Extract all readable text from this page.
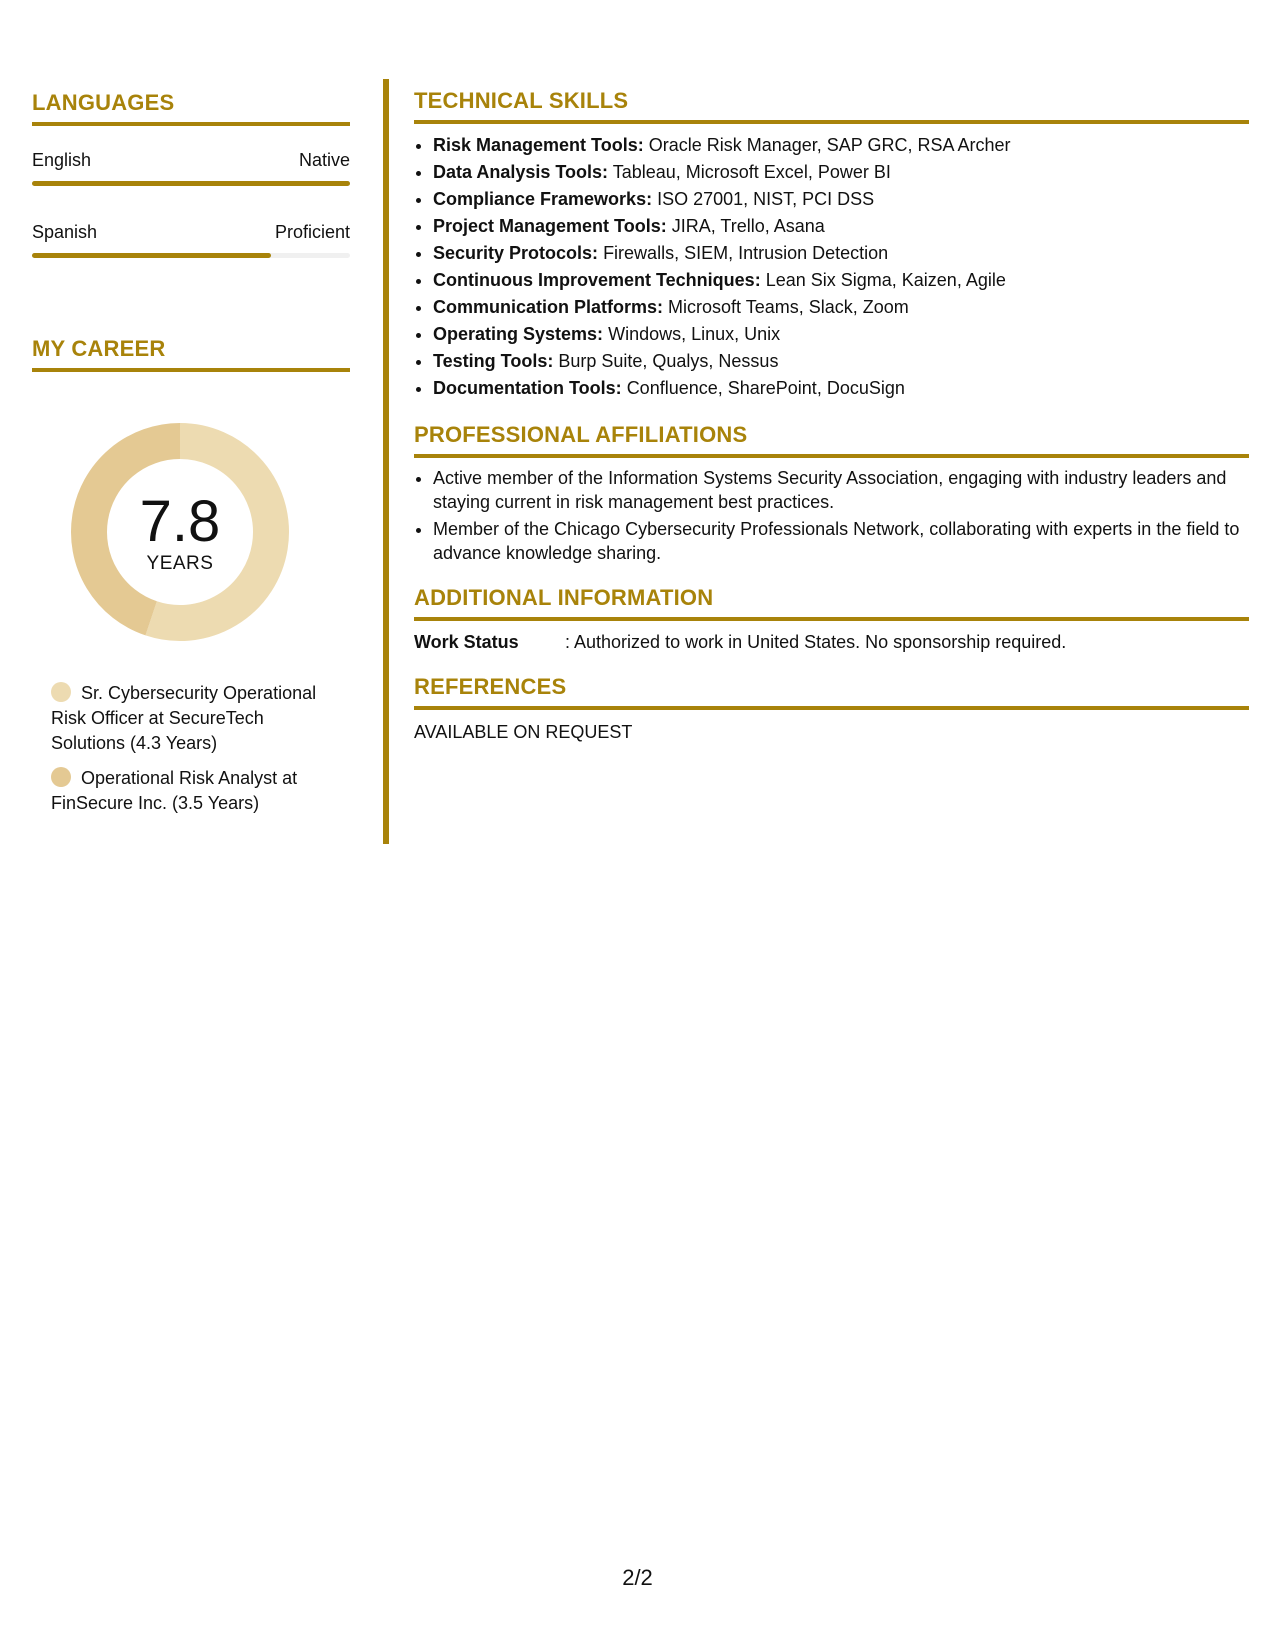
LANGUAGES
English	Native
Spanish	Proficient
MY CAREER
7.8
YEARS
Sr. Cybersecurity Operational Risk Officer at SecureTech Solutions (4.3 Years)
Operational Risk Analyst at FinSecure Inc. (3.5 Years)
TECHNICAL SKILLS
• Risk Management Tools: Oracle Risk Manager, SAP GRC, RSA Archer
• Data Analysis Tools: Tableau, Microsoft Excel, Power BI
• Compliance Frameworks: ISO 27001, NIST, PCI DSS
• Project Management Tools: JIRA, Trello, Asana
• Security Protocols: Firewalls, SIEM, Intrusion Detection
• Continuous Improvement Techniques: Lean Six Sigma, Kaizen, Agile
• Communication Platforms: Microsoft Teams, Slack, Zoom
• Operating Systems: Windows, Linux, Unix
• Testing Tools: Burp Suite, Qualys, Nessus
• Documentation Tools: Confluence, SharePoint, DocuSign
PROFESSIONAL AFFILIATIONS
• Active member of the Information Systems Security Association, engaging with industry leaders and staying current in risk management best practices.
• Member of the Chicago Cybersecurity Professionals Network, collaborating with experts in the field to advance knowledge sharing.
ADDITIONAL INFORMATION
Work Status	: Authorized to work in United States. No sponsorship required.
REFERENCES
AVAILABLE ON REQUEST
2/2
